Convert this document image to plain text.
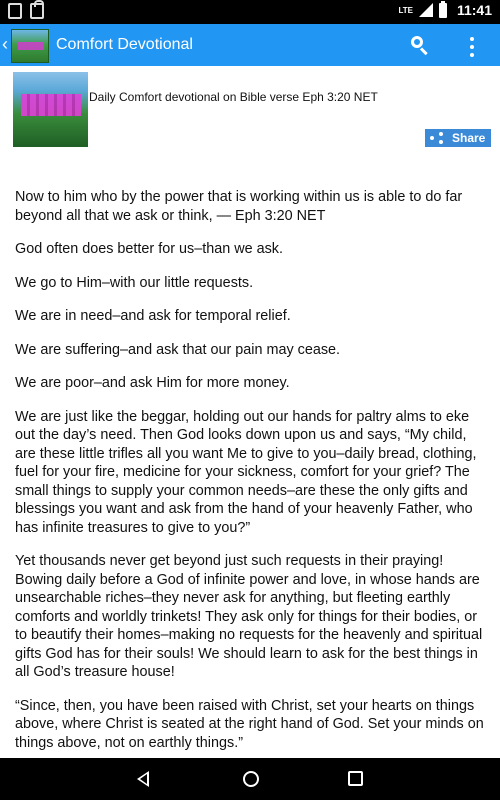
LTE	11:41
‹	Comfort Devotional
Daily Comfort devotional on Bible verse Eph 3:20 NET
Share

Now to him who by the power that is working within us is able to do far beyond all that we ask or think, — Eph 3:20 NET

God often does better for us–than we ask.

We go to Him–with our little requests.

We are in need–and ask for temporal relief.

We are suffering–and ask that our pain may cease.

We are poor–and ask Him for more money.

We are just like the beggar, holding out our hands for paltry alms to eke out the day’s need. Then God looks down upon us and says, “My child, are these little trifles all you want Me to give to you–daily bread, clothing, fuel for your fire, medicine for your sickness, comfort for your grief? The small things to supply your common needs–are these the only gifts and blessings you want and ask from the hand of your heavenly Father, who has infinite treasures to give to you?”

Yet thousands never get beyond just such requests in their praying! Bowing daily before a God of infinite power and love, in whose hands are unsearchable riches–they never ask for anything, but fleeting earthly comforts and worldly trinkets! They ask only for things for their bodies, or to beautify their homes–making no requests for the heavenly and spiritual gifts God has for their souls! We should learn to ask for the best things in all God’s treasure house!

“Since, then, you have been raised with Christ, set your hearts on things above, where Christ is seated at the right hand of God. Set your minds on things above, not on earthly things.”
